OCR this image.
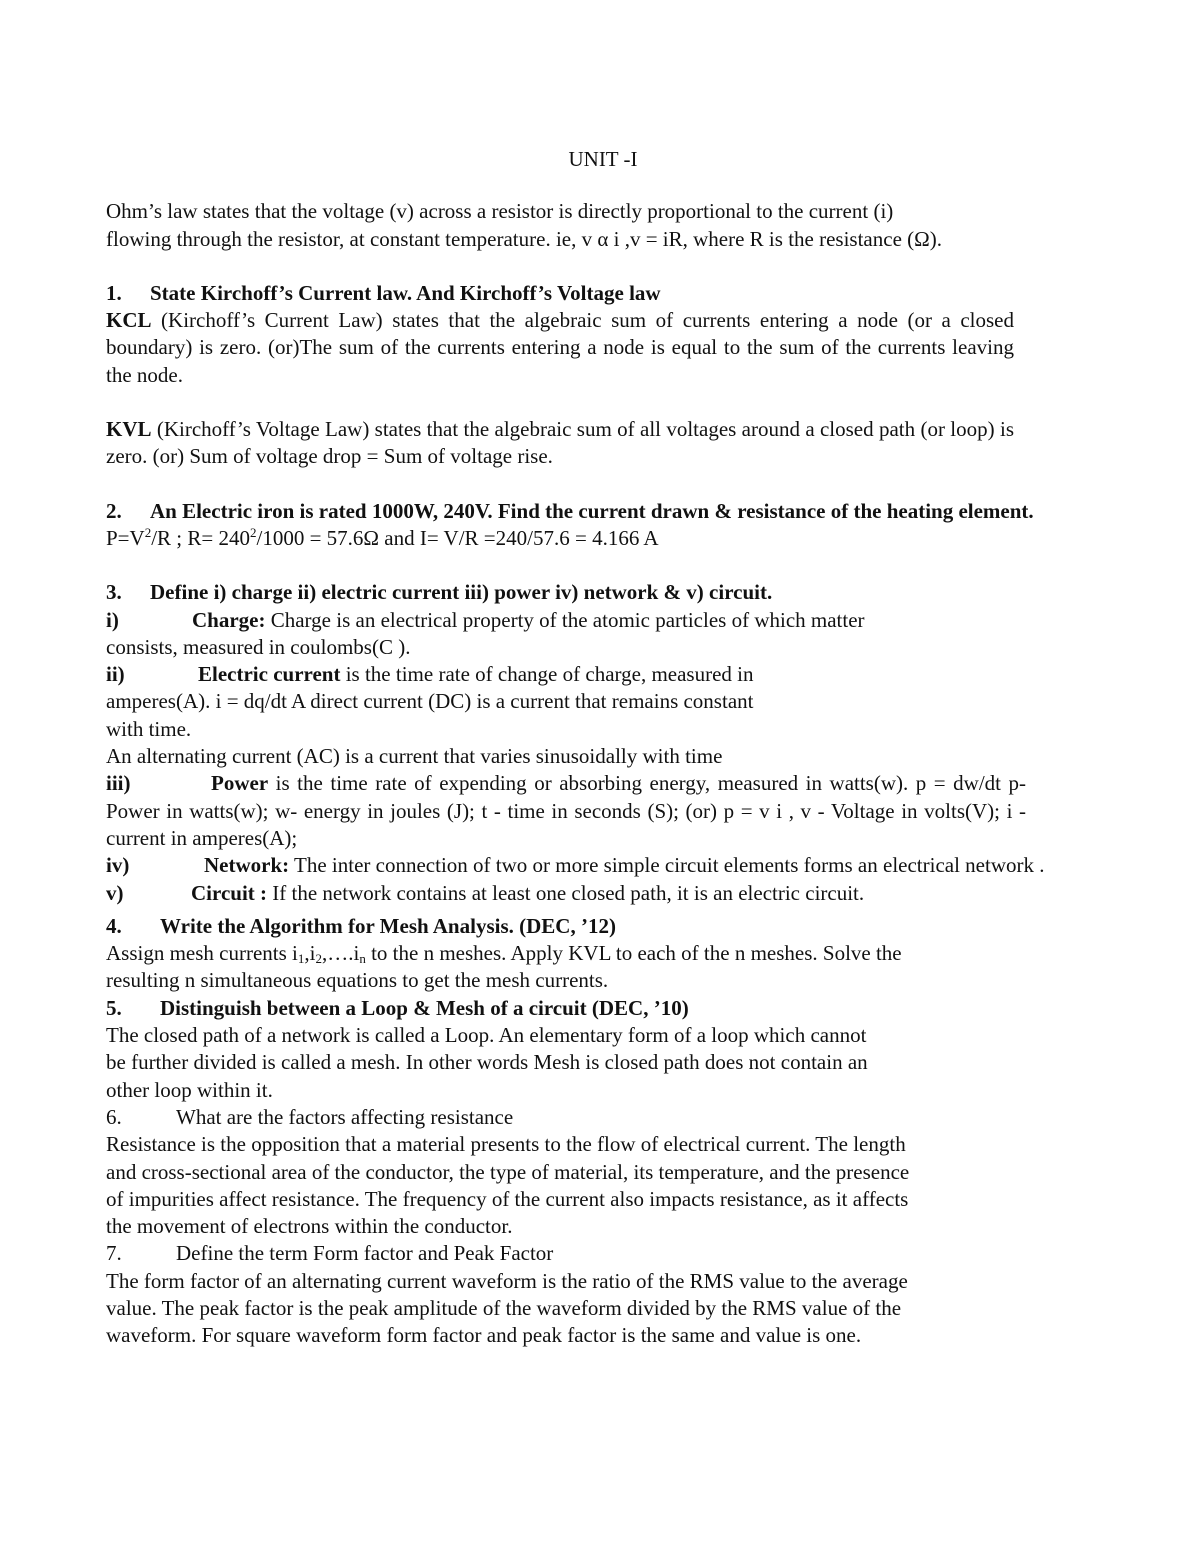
UNIT -I

Ohm’s law states that the voltage (v) across a resistor is directly proportional to the current (i)

flowing through the resistor, at constant temperature. ie, v α i ,v = iR, where R is the resistance (Ω).

1. State Kirchoff’s Current law. And Kirchoff’s Voltage law

KCL (Kirchoff’s Current Law) states that the algebraic sum of currents entering a node (or a closed boundary) is zero. (or)The sum of the currents entering a node is equal to the sum of the currents leaving the node.

KVL (Kirchoff’s Voltage Law) states that the algebraic sum of all voltages around a closed path (or loop) is zero. (or) Sum of voltage drop = Sum of voltage rise.

2. An Electric iron is rated 1000W, 240V. Find the current drawn & resistance of the heating element.

$P=V^2/R$ ; $R= 240^2/1000 = 57.6\Omega$ and I= V/R =240/57.6 = 4.166 A

3. Define i) charge ii) electric current iii) power iv) network & v) circuit.

i)	Charge: Charge is an electrical property of the atomic particles of which matter

consists, measured in coulombs(C ).

ii)	Electric current is the time rate of change of charge, measured in

amperes(A). i = dq/dt A direct current (DC) is a current that remains constant

with time.

An alternating current (AC) is a current that varies sinusoidally with time

iii)	Power is the time rate of expending or absorbing energy, measured in watts(w). p = dw/dt p- Power in watts(w); w- energy in joules (J); t - time in seconds (S); (or) p = v i , v - Voltage in volts(V); i - current in amperes(A);

iv)	Network: The inter connection of two or more simple circuit elements forms an electrical network .

v)	Circuit : If the network contains at least one closed path, it is an electric circuit.

4. Write the Algorithm for Mesh Analysis. (DEC, ’12)

Assign mesh currents $i_1,i_2,\dots.i_n$ to the n meshes. Apply KVL to each of the n meshes. Solve the

resulting n simultaneous equations to get the mesh currents.

5. Distinguish between a Loop & Mesh of a circuit (DEC, ’10)

The closed path of a network is called a Loop. An elementary form of a loop which cannot

be further divided is called a mesh. In other words Mesh is closed path does not contain an

other loop within it.

6.	What are the factors affecting resistance

Resistance is the opposition that a material presents to the flow of electrical current. The length

and cross-sectional area of the conductor, the type of material, its temperature, and the presence

of impurities affect resistance. The frequency of the current also impacts resistance, as it affects

the movement of electrons within the conductor.

7.	Define the term Form factor and Peak Factor

The form factor of an alternating current waveform is the ratio of the RMS value to the average

value. The peak factor is the peak amplitude of the waveform divided by the RMS value of the

waveform. For square waveform form factor and peak factor is the same and value is one.
